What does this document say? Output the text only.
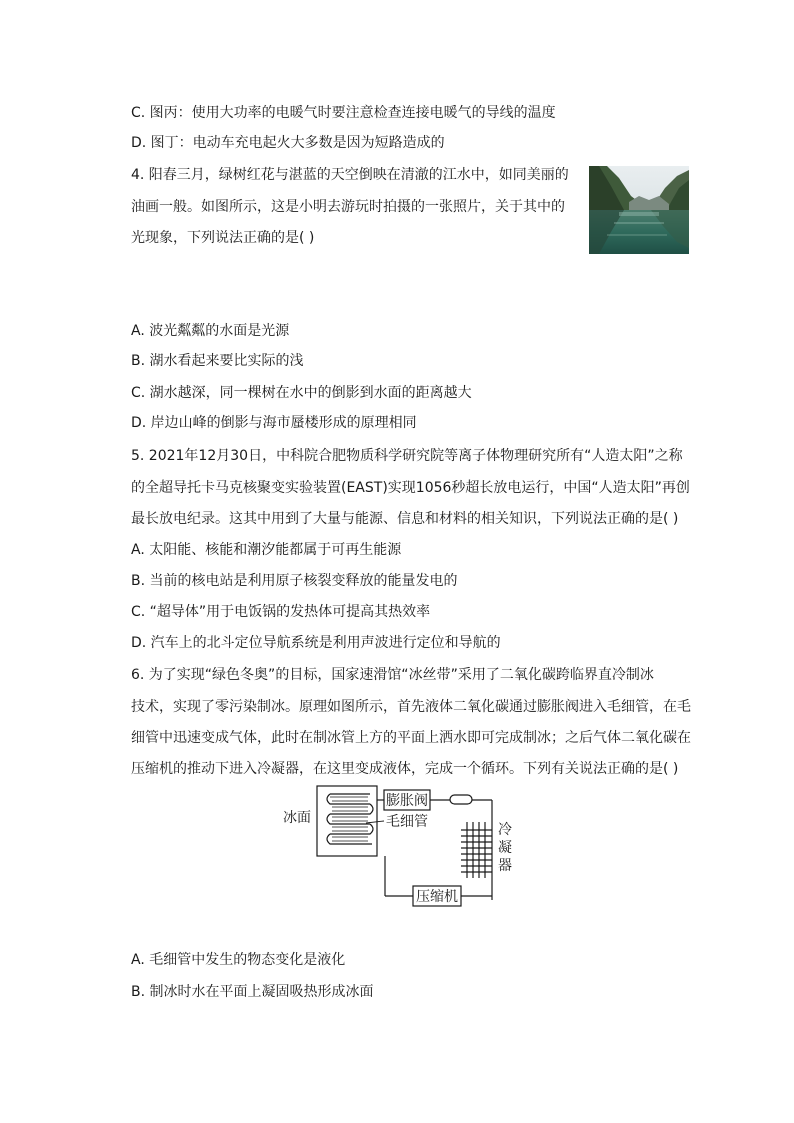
C. 图丙：使用大功率的电暖气时要注意检查连接电暖气的导线的温度
D. 图丁：电动车充电起火大多数是因为短路造成的
4. 阳春三月，绿树红花与湛蓝的天空倒映在清澈的江水中，如同美丽的
油画一般。如图所示，这是小明去游玩时拍摄的一张照片，关于其中的
光现象，下列说法正确的是( )
A. 波光粼粼的水面是光源
B. 湖水看起来要比实际的浅
C. 湖水越深，同一棵树在水中的倒影到水面的距离越大
D. 岸边山峰的倒影与海市蜃楼形成的原理相同
5. 2021年12月30日，中科院合肥物质科学研究院等离子体物理研究所有“人造太阳”之称
的全超导托卡马克核聚变实验装置(EAST)实现1056秒超长放电运行，中国“人造太阳”再创
最长放电纪录。这其中用到了大量与能源、信息和材料的相关知识，下列说法正确的是( )
A. 太阳能、核能和潮汐能都属于可再生能源
B. 当前的核电站是利用原子核裂变释放的能量发电的
C. “超导体”用于电饭锅的发热体可提高其热效率
D. 汽车上的北斗定位导航系统是利用声波进行定位和导航的
6. 为了实现“绿色冬奥”的目标，国家速滑馆“冰丝带”采用了二氧化碳跨临界直冷制冰
技术，实现了零污染制冰。原理如图所示，首先液体二氧化碳通过膨胀阀进入毛细管，在毛
细管中迅速变成气体，此时在制冰管上方的平面上洒水即可完成制冰；之后气体二氧化碳在
压缩机的推动下进入冷凝器，在这里变成液体，完成一个循环。下列有关说法正确的是( )
冰面
膨胀阀
毛细管
压缩机
冷
凝
器
A. 毛细管中发生的物态变化是液化
B. 制冰时水在平面上凝固吸热形成冰面
